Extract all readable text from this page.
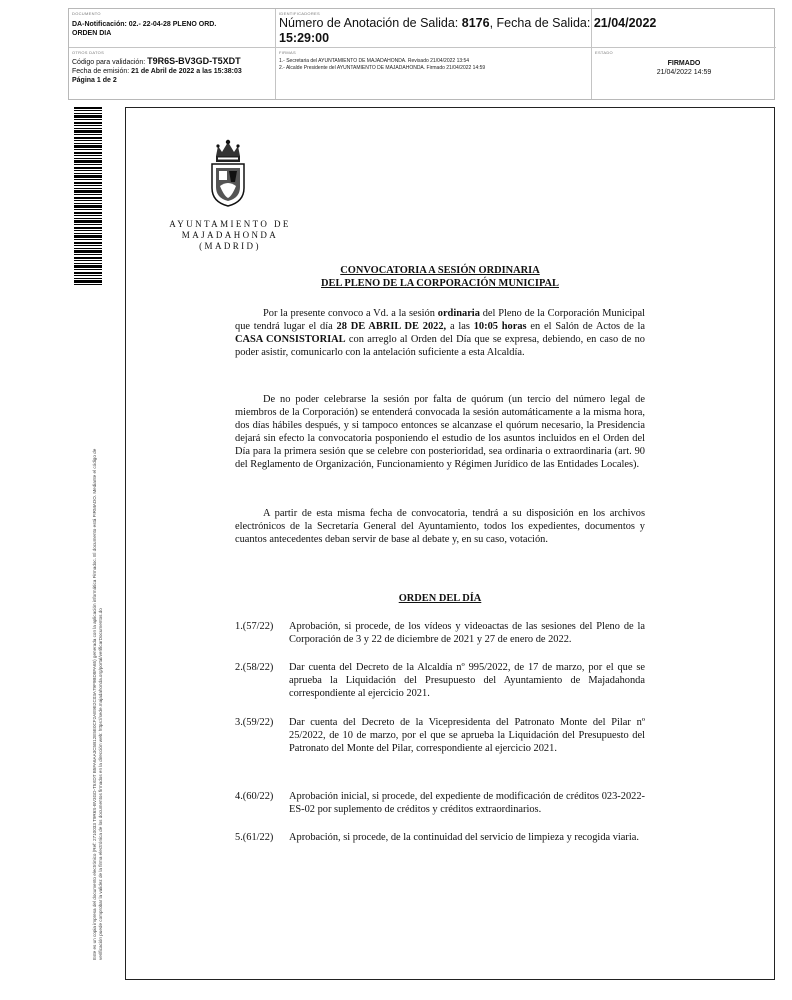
DOCUMENTO
DA-Notificación: 02.- 22-04-28 PLENO ORD.
ORDEN DIA
IDENTIFICADORES
Número de Anotación de Salida: 8176, Fecha de Salida: 21/04/2022
15:29:00
OTROS DATOS
Código para validación: T9R6S-BV3GD-T5XDT
Fecha de emisión: 21 de Abril de 2022 a las 15:38:03
Página 1 de 2
FIRMAS
1.- Secretaria del AYUNTAMIENTO DE MAJADAHONDA. Revisado 21/04/2022 13:54
2.- Alcalde Presidente del AYUNTAMIENTO DE MAJADAHONDA. Firmado 21/04/2022 14:59
ESTADO
FIRMADO
21/04/2022 14:59
Este es un copia impresa del documento electrónico (Ref: 2710033 T9R6S-BV3GD-T5XDT B5FA6AA3C5B12E5E0CF2AE9E2C03A79F9BD8FA65) generada con la aplicación informática Firmadoc. El documento está FIRMADO. Mediante el código de verificación puede comprobar la validez de la firma electrónica de los documentos firmados en la dirección web: https://sede.majadahonda.org/portal/verificarDocumentos.do
AYUNTAMIENTO DE
MAJADAHONDA
(MADRID)
CONVOCATORIA A SESIÓN ORDINARIA
DEL PLENO DE LA CORPORACIÓN MUNICIPAL
Por la presente convoco a Vd. a la sesión ordinaria del Pleno de la Corporación Municipal que tendrá lugar el día 28 DE ABRIL DE 2022, a las 10:05 horas en el Salón de Actos de la CASA CONSISTORIAL con arreglo al Orden del Día que se expresa, debiendo, en caso de no poder asistir, comunicarlo con la antelación suficiente a esta Alcaldía.
De no poder celebrarse la sesión por falta de quórum (un tercio del número legal de miembros de la Corporación) se entenderá convocada la sesión automáticamente a la misma hora, dos días hábiles después, y si tampoco entonces se alcanzase el quórum necesario, la Presidencia dejará sin efecto la convocatoria posponiendo el estudio de los asuntos incluidos en el Orden del Día para la primera sesión que se celebre con posterioridad, sea ordinaria o extraordinaria (art. 90 del Reglamento de Organización, Funcionamiento y Régimen Jurídico de las Entidades Locales).
A partir de esta misma fecha de convocatoria, tendrá a su disposición en los archivos electrónicos de la Secretaría General del Ayuntamiento, todos los expedientes, documentos y cuantos antecedentes deban servir de base al debate y, en su caso, votación.
ORDEN DEL DÍA
1.(57/22)	Aprobación, si procede, de los vídeos y videoactas de las sesiones del Pleno de la Corporación de 3 y 22 de diciembre de 2021 y 27 de enero de 2022.
2.(58/22)	Dar cuenta del Decreto de la Alcaldía nº 995/2022, de 17 de marzo, por el que se aprueba la Liquidación del Presupuesto del Ayuntamiento de Majadahonda correspondiente al ejercicio 2021.
3.(59/22)	Dar cuenta del Decreto de la Vicepresidenta del Patronato Monte del Pilar nº 25/2022, de 10 de marzo, por el que se aprueba la Liquidación del Presupuesto del Patronato del Monte del Pilar, correspondiente al ejercicio 2021.
4.(60/22)	Aprobación inicial, si procede, del expediente de modificación de créditos 023-2022-ES-02 por suplemento de créditos y créditos extraordinarios.
5.(61/22)	Aprobación, si procede, de la continuidad del servicio de limpieza y recogida viaria.
